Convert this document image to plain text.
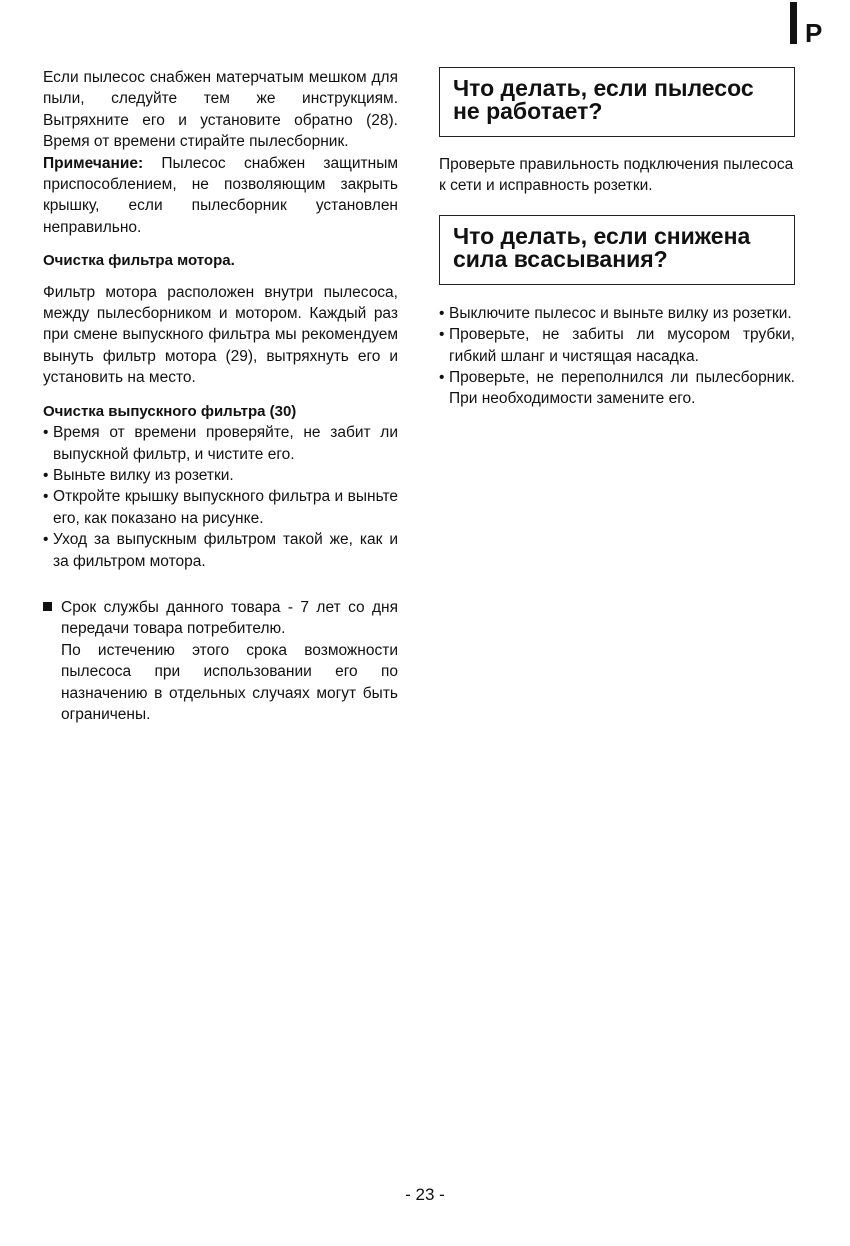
P

Если пылесос снабжен матерчатым мешком для пыли, следуйте тем же инструкциям. Вытряхните его и установите обратно (28). Время от времени стирайте пылесборник.

Примечание: Пылесос снабжен защитным приспособлением, не позволяющим закрыть крышку, если пылесборник установлен неправильно.

Очистка фильтра мотора.

Фильтр мотора расположен внутри пылесоса, между пылесборником и мотором. Каждый раз при смене выпускного фильтра мы рекомендуем вынуть фильтр мотора (29), вытряхнуть его и установить на место.

Очистка выпускного фильтра (30)

• Время от времени проверяйте, не забит ли выпускной фильтр, и чистите его.
• Выньте вилку из розетки.
• Откройте крышку выпускного фильтра и выньте его, как показано на рисунке.
• Уход за выпускным фильтром такой же, как и за фильтром мотора.

Срок службы данного товара - 7 лет со дня передачи товара потребителю.

По истечению этого срока возможности пылесоса при использовании его по назначению в отдельных случаях могут быть ограничены.

Что делать, если пылесос не работает?

Проверьте правильность подключения пылесоса к сети и исправность розетки.

Что делать, если снижена сила всасывания?
• Выключите пылесос и выньте вилку из розетки.
• Проверьте, не забиты ли мусором трубки, гибкий шланг и чистящая насадка.
• Проверьте, не переполнился ли пылесборник. При необходимости замените его.
- 23 -
